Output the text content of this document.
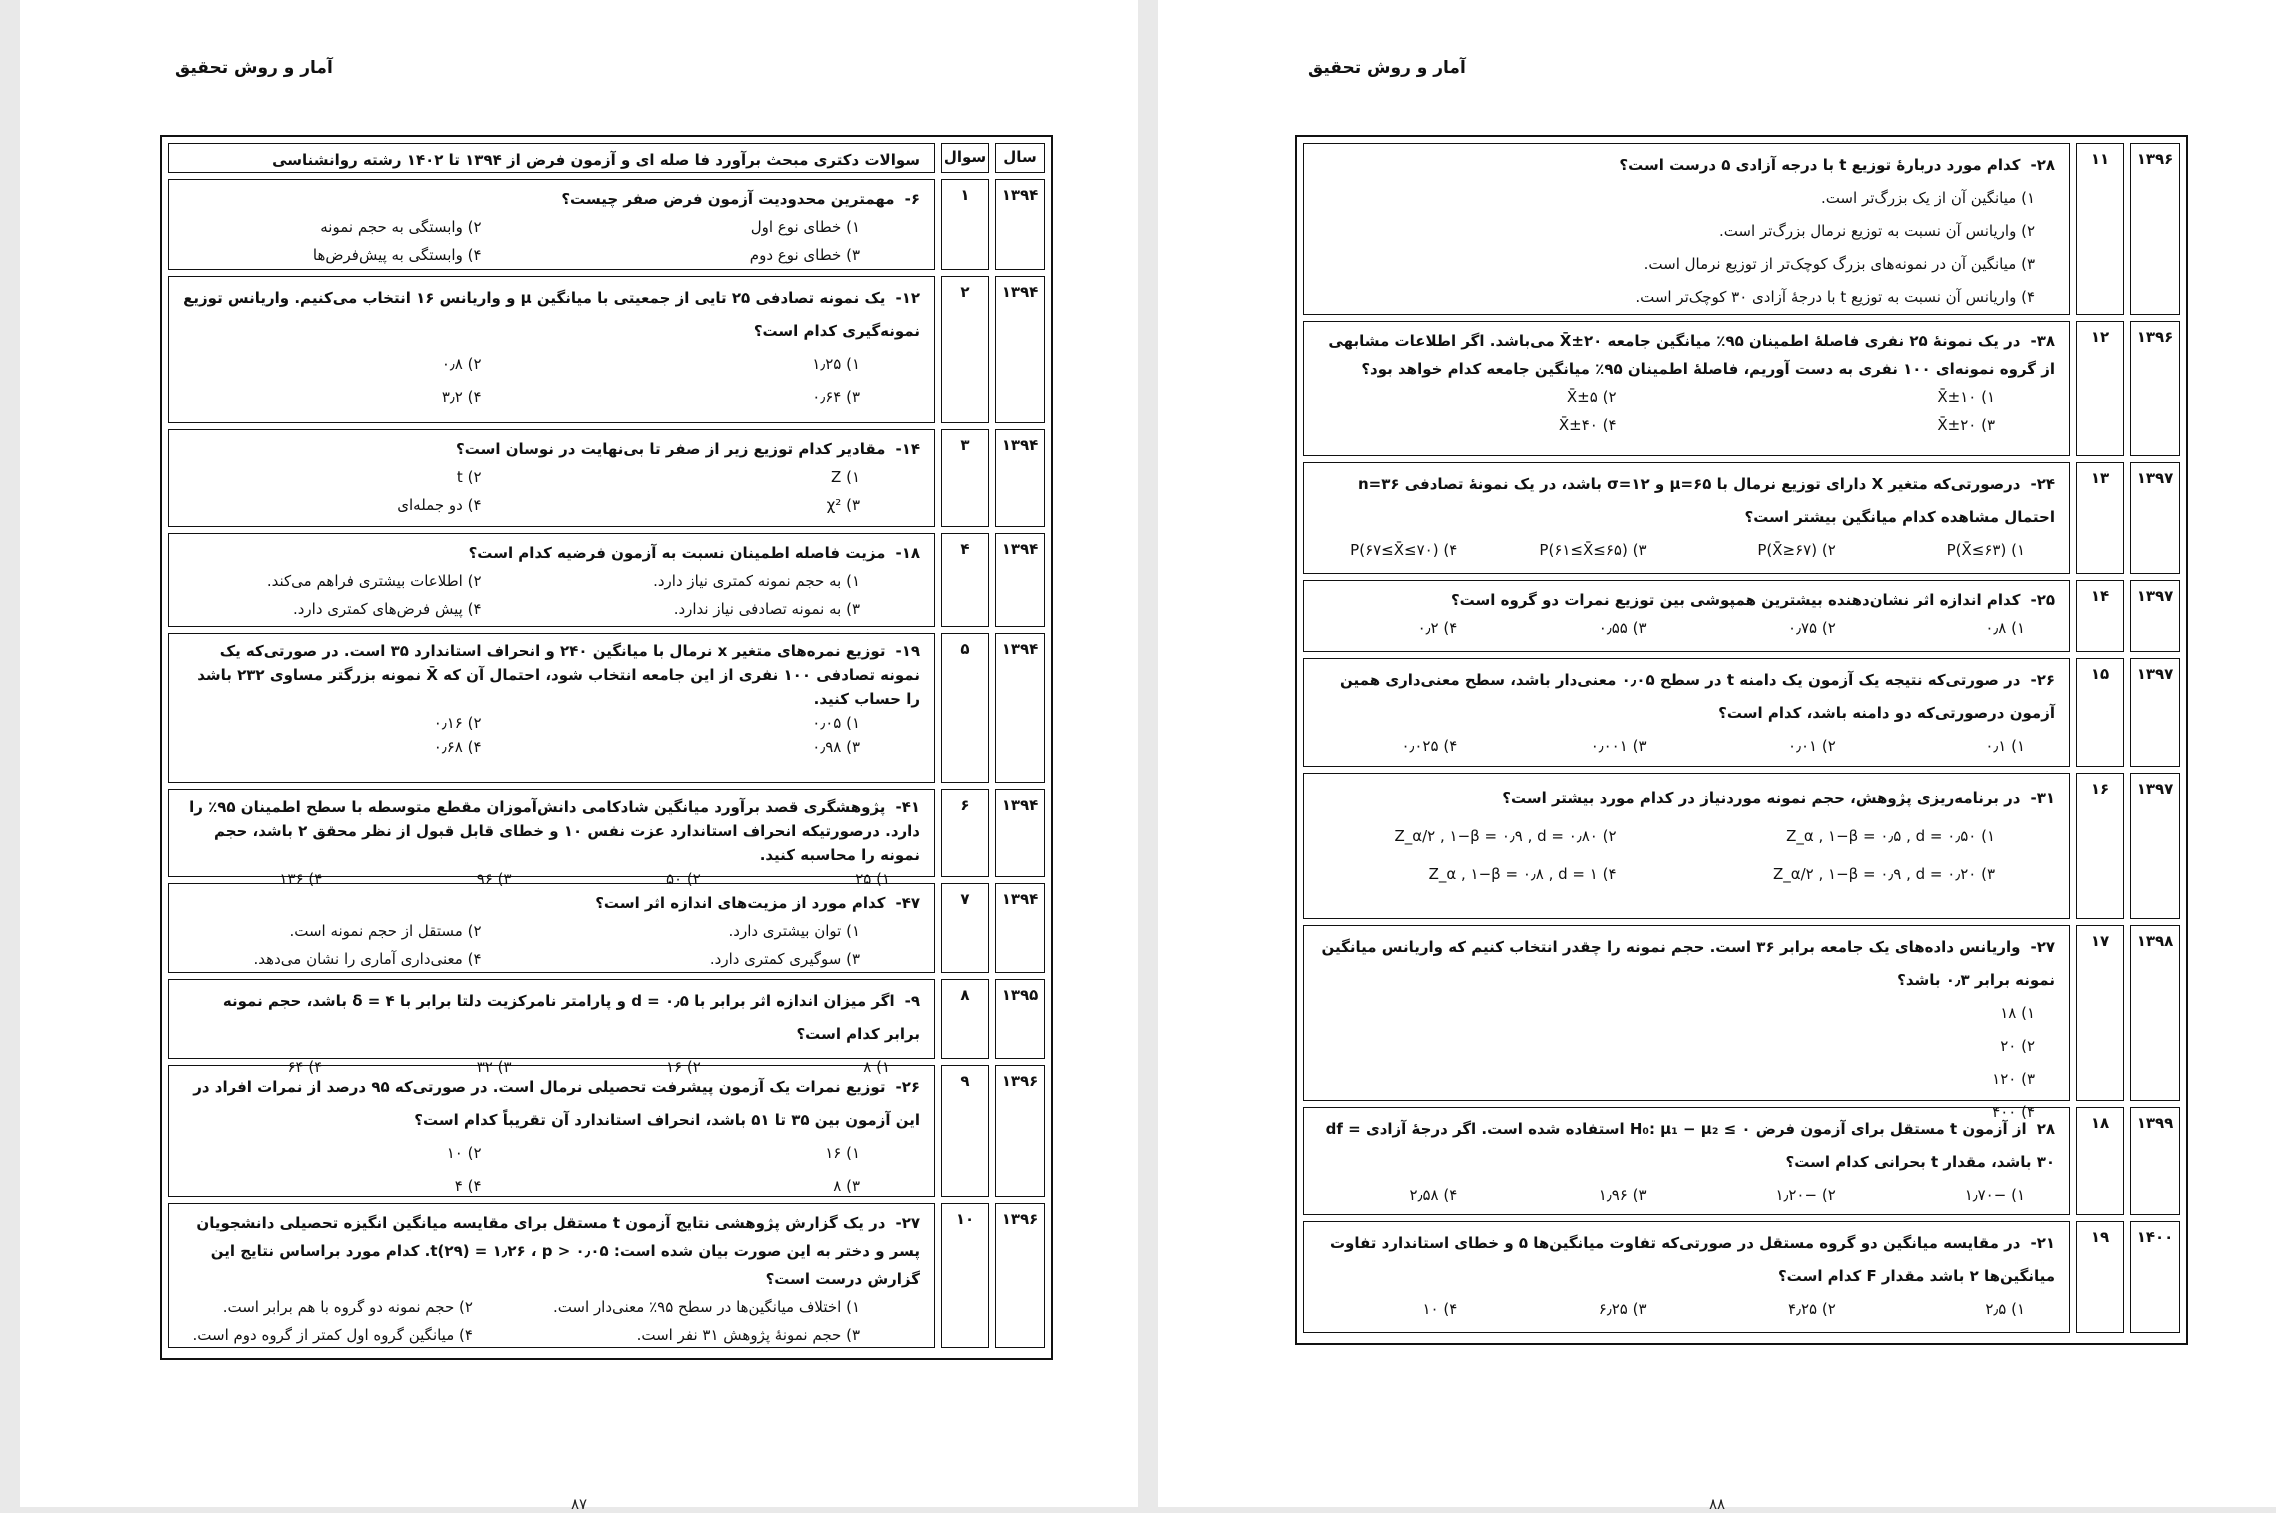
آمار و روش تحقیق
سال
سوال
سوالات دکتری مبحث برآورد فا صله ای و آزمون فرض از ۱۳۹۴ تا ۱۴۰۲ رشته روانشناسی
۱۳۹۴
۱
۶-مهمترین محدودیت آزمون فرض صفر چیست؟
۱) خطای نوع اول
۲) وابستگی به حجم نمونه
۳) خطای نوع دوم
۴) وابستگی به پیش‌فرض‌ها
۱۳۹۴
۲
۱۲-یک نمونه تصادفی ۲۵ تایی از جمعیتی با میانگین μ و واریانس ۱۶ انتخاب می‌کنیم. واریانس توزیع نمونه‌گیری کدام است؟
۱) ۱٫۲۵
۲) ۰٫۸
۳) ۰٫۶۴
۴) ۳٫۲
۱۳۹۴
۳
۱۴-مقادیر کدام توزیع زیر از صفر تا بی‌نهایت در نوسان است؟
۱) Z
۲) t
۳) χ²
۴) دو جمله‌ای
۱۳۹۴
۴
۱۸-مزیت فاصله اطمینان نسبت به آزمون فرضیه کدام است؟
۱) به حجم نمونه کمتری نیاز دارد.
۲) اطلاعات بیشتری فراهم می‌کند.
۳) به نمونه تصادفی نیاز ندارد.
۴) پیش فرض‌های کمتری دارد.
۱۳۹۴
۵
۱۹-توزیع نمره‌های متغیر x نرمال با میانگین ۲۴۰ و انحراف استاندارد ۳۵ است. در صورتی‌که یک نمونه تصادفی ۱۰۰ نفری از این جامعه انتخاب شود، احتمال آن که X̄ نمونه بزرگتر مساوی ۲۳۲ باشد را حساب کنید.
۱) ۰٫۰۵
۲) ۰٫۱۶
۳) ۰٫۹۸
۴) ۰٫۶۸
۱۳۹۴
۶
۴۱-پژوهشگری قصد برآورد میانگین شادکامی دانش‌آموزان مقطع متوسطه با سطح اطمینان ۹۵٪ را دارد. درصورتیکه انحراف استاندارد عزت نفس ۱۰ و خطای قابل قبول از نظر محقق ۲ باشد، حجم نمونه را محاسبه کنید.
۱) ۲۵
۲) ۵۰
۳) ۹۶
۴) ۱۳۶
۱۳۹۴
۷
۴۷-کدام مورد از مزیت‌های اندازه اثر است؟
۱) توان بیشتری دارد.
۲) مستقل از حجم نمونه است.
۳) سوگیری کمتری دارد.
۴) معنی‌داری آماری را نشان می‌دهد.
۱۳۹۵
۸
۹-اگر میزان اندازه اثر برابر با d = ۰٫۵ و پارامتر نامرکزیت دلتا برابر با δ = ۴ باشد، حجم نمونه برابر کدام است؟
۱) ۸
۲) ۱۶
۳) ۳۲
۴) ۶۴
۱۳۹۶
۹
۲۶-توزیع نمرات یک آزمون پیشرفت تحصیلی نرمال است. در صورتی‌که ۹۵ درصد از نمرات افراد در این آزمون بین ۳۵ تا ۵۱ باشد، انحراف استاندارد آن تقریباً کدام است؟
۱) ۱۶
۲) ۱۰
۳) ۸
۴) ۴
۱۳۹۶
۱۰
۲۷-در یک گزارش پژوهشی نتایج آزمون t مستقل برای مقایسه میانگین انگیزه تحصیلی دانشجویان پسر و دختر به این صورت بیان شده است: t(۲۹) = ۱٫۲۶ ، p > ۰٫۰۵. کدام مورد براساس نتایج این گزارش درست است؟
۱) اختلاف میانگین‌ها در سطح ۹۵٪ معنی‌دار است.
۲) حجم نمونه دو گروه با هم برابر است.
۳) حجم نمونهٔ پژوهش ۳۱ نفر است.
۴) میانگین گروه اول کمتر از گروه دوم است.
۸۷
آمار و روش تحقیق
۱۳۹۶
۱۱
۲۸-کدام مورد دربارهٔ توزیع t با درجه آزادی ۵ درست است؟
۱) میانگین آن از یک بزرگ‌تر است.
۲) واریانس آن نسبت به توزیع نرمال بزرگ‌تر است.
۳) میانگین آن در نمونه‌های بزرگ کوچک‌تر از توزیع نرمال است.
۴) واریانس آن نسبت به توزیع t با درجهٔ آزادی ۳۰ کوچک‌تر است.
۱۳۹۶
۱۲
۳۸-در یک نمونهٔ ۲۵ نفری فاصلهٔ اطمینان ۹۵٪ میانگین جامعه X̄±۲۰ می‌باشد. اگر اطلاعات مشابهی از گروه نمونه‌ای ۱۰۰ نفری به دست آوریم، فاصلهٔ اطمینان ۹۵٪ میانگین جامعه کدام خواهد بود؟
۱) X̄±۱۰
۲) X̄±۵
۳) X̄±۲۰
۴) X̄±۴۰
۱۳۹۷
۱۳
۲۴-درصورتی‌که متغیر X دارای توزیع نرمال با μ=۶۵ و σ=۱۲ باشد، در یک نمونهٔ تصادفی n=۳۶ احتمال مشاهده کدام میانگین بیشتر است؟
۱) P(X̄≤۶۳)
۲) P(X̄≥۶۷)
۳) P(۶۱≤X̄≤۶۵)
۴) P(۶۷≤X̄≤۷۰)
۱۳۹۷
۱۴
۲۵-کدام اندازه اثر نشان‌دهنده بیشترین همپوشی بین توزیع نمرات دو گروه است؟
۱) ۰٫۸
۲) ۰٫۷۵
۳) ۰٫۵۵
۴) ۰٫۲
۱۳۹۷
۱۵
۲۶-در صورتی‌که نتیجه یک آزمون یک دامنه t در سطح ۰٫۰۵ معنی‌دار باشد، سطح معنی‌داری همین آزمون درصورتی‌که دو دامنه باشد، کدام است؟
۱) ۰٫۱
۲) ۰٫۰۱
۳) ۰٫۰۰۱
۴) ۰٫۰۲۵
۱۳۹۷
۱۶
۳۱-در برنامه‌ریزی پژوهش، حجم نمونه موردنیاز در کدام مورد بیشتر است؟
۱) Z_α , ۱−β = ۰٫۵ , d = ۰٫۵۰
۲) Z_α/۲ , ۱−β = ۰٫۹ , d = ۰٫۸۰
۳) Z_α/۲ , ۱−β = ۰٫۹ , d = ۰٫۲۰
۴) Z_α , ۱−β = ۰٫۸ , d = ۱
۱۳۹۸
۱۷
۲۷-واریانس داده‌های یک جامعه برابر ۳۶ است. حجم نمونه را چقدر انتخاب کنیم که واریانس میانگین نمونه برابر ۰٫۳ باشد؟
۱) ۱۸
۲) ۲۰
۳) ۱۲۰
۴) ۴۰۰
۱۳۹۹
۱۸
۲۸از آزمون t مستقل برای آزمون فرض H₀: μ₁ − μ₂ ≤ ۰ استفاده شده است. اگر درجهٔ آزادی df = ۳۰ باشد، مقدار t بحرانی کدام است؟
۱) −۱٫۷۰
۲) −۱٫۲۰
۳) ۱٫۹۶
۴) ۲٫۵۸
۱۴۰۰
۱۹
۲۱-در مقایسه میانگین دو گروه مستقل در صورتی‌که تفاوت میانگین‌ها ۵ و خطای استاندارد تفاوت میانگین‌ها ۲ باشد مقدار F کدام است؟
۱) ۲٫۵
۲) ۴٫۲۵
۳) ۶٫۲۵
۴) ۱۰
۸۸
